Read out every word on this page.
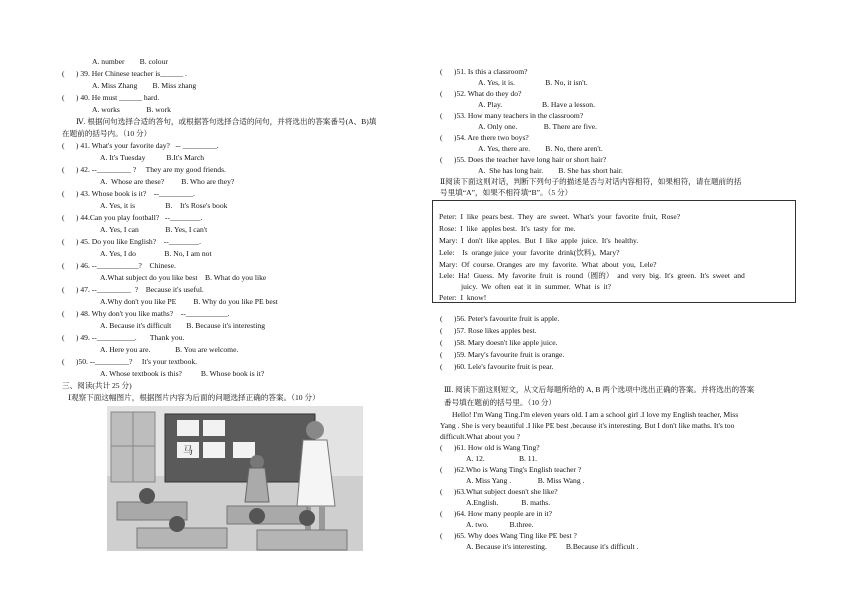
A. number        B. colour
(      ) 39. Her Chinese teacher is______ .
A. Miss Zhang        B. Miss zhang
(      ) 40. He must ______ hard.
A. works              B. work
Ⅳ. 根据问句选择合适的答句，或根据答句选择合适的问句，并将选出的答案番号(A、B)填
在题前的括号内。（10 分）
(      ) 41. What's your favorite day?   -- _________.
A. It's Tuesday           B.It's March
(      ) 42. --_________ ?     They are my good friends.
A.  Whose are these?         B. Who are they?
(      ) 43. Whose book is it?    --_________.
A. Yes, it is                B.    It's Rose's book
(      ) 44.Can you play football?   --________.
A. Yes, I can              B. Yes, I can't
(      ) 45. Do you like English?    --________.
A. Yes, I do               B. No, I am not
(      ) 46. --___________?    Chinese.
A.What subject do you like best    B. What do you like
(      ) 47. --_________  ?    Because it's useful.
A.Why don't you like PE         B. Why do you like PE best
(      ) 48. Why don't you like maths?    --___________.
A. Because it's difficult        B. Because it's interesting
(      ) 49. --__________.       Thank you.
A. Here you are.             B. You are welcome.
(      )50. --_________?     It's your textbook.
A. Whose textbook is this?          B. Whose book is it?
三、阅读(共计 25 分)
Ⅰ观察下面这幅图片，根据图片内容为后面的问题选择正确的答案。（10 分）
马
(      )51. Is this a classroom?
A. Yes, it is.                B. No, it isn't.
(      )52. What do they do?
A. Play.                     B. Have a lesson.
(      )53. How many teachers in the classroom?
A. Only one.              B. There are five.
(      )54. Are there two boys?
A. Yes, there are.        B. No, there aren't.
(      )55. Does the teacher have long hair or short hair?
A.  She has long hair.        B. She has short hair.
Ⅱ阅读下面这则对话，判断下列句子的描述是否与对话内容相符，如果相符，请在题前的括
号里填“A”，如果不相符填“B”。（5 分）
Peter:  I  like  pears best.  They  are  sweet.  What's  your  favorite  fruit,  Rose?
Rose:  I  like  apples best.  It's  tasty  for  me.
Mary:  I  don't  like apples.  But  I  like  apple  juice.  It's  healthy.
Lele:    Is  orange juice  your  favorite  drink(饮料),  Mary?
Mary:  Of  course. Oranges  are  my  favorite.  What  about  you,  Lele?
Lele:  Ha!  Guess.  My  favorite  fruit  is  round（圆的）  and  very  big.  It's  green.  It's  sweet  and
juicy.  We  often  eat  it  in  summer.  What  is  it?
Peter:  I  know!
(      )56. Peter's favourite fruit is apple.
(      )57. Rose likes apples best.
(      )58. Mary doesn't like apple juice.
(      )59. Mary's favourite fruit is orange.
(      )60. Lele's favourite fruit is pear.
Ⅲ. 阅读下面这则短文，从文后每题所给的 A, B 两个选项中选出正确的答案。并将选出的答案
番号填在题前的括号里。（10 分）
Hello! I'm Wang Ting.I'm eleven years old. I am a school girl .I love my English teacher, Miss
Yang . She is very beautiful .I like PE best ,because it's interesting. But I don't like maths. It's too
difficult.What about you ?
(      )61. How old is Wang Ting?
A. 12.                  B. 11.
(      )62.Who is Wang Ting's English teacher ?
A. Miss Yang .              B. Miss Wang .
(      )63.What subject doesn't she like?
A.English.            B. maths.
(      )64. How many people are in it?
A. two.           B.three.
(      )65. Why does Wang Ting like PE best ?
A. Because it's interesting.          B.Because it's difficult .
